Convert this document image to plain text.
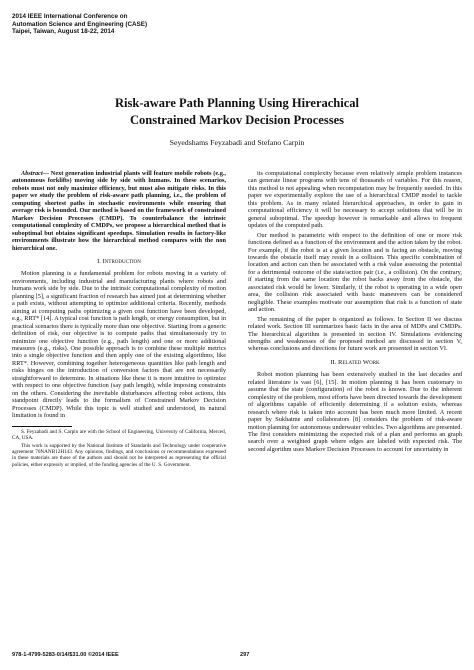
2014 IEEE International Conference on
Automation Science and Engineering (CASE)
Taipei, Taiwan, August 18-22, 2014
Risk-aware Path Planning Using Hirerachical
Constrained Markov Decision Processes
Seyedshams Feyzabadi and Stefano Carpin

Abstract— Next generation industrial plants will feature mobile robots (e.g., autonomous forklifts) moving side by side with humans. In these scenarios, robots must not only maximize efficiency, but must also mitigate risks. In this paper we study the problem of risk-aware path planning, i.e., the problem of computing shortest paths in stochastic environments while ensuring that average risk is bounded. Our method is based on the framework of constrained Markov Decision Processes (CMDP). To counterbalance the intrinsic computational complexity of CMDPs, we propose a hierarchical method that is suboptimal but obtains significant speedups. Simulation results in factory-like environments illustrate how the hierarchical method compares with the non hierarchical one.

I. Introduction

Motion planning is a fundamental problem for robots moving in a variety of environments, including industrial and manufacturing plants where robots and humans work side by side. Due to the intrinsic computational complexity of motion planning [5], a significant fraction of research has aimed just at determining whether a path exists, without attempting to optimize additional criteria. Recently, methods aiming at computing paths optimizing a given cost function have been developed, e.g., RRT* [14]. A typical cost function is path length, or energy consumption, but in practical scenarios there is typically more than one objective. Starting from a generic definition of risk, our objective is to compute paths that simultaneously try to minimize one objective function (e.g., path length) and one or more additional measures (e.g., risks). One possible approach is to combine these multiple metrics into a single objective function and then apply one of the existing algorithms, like RRT*. However, combining together heterogeneous quantities like path length and risks hinges on the introduction of conversion factors that are not necessarily straightforward to determine. In situations like these it is more intuitive to optimize with respect to one objective function (say path length), while imposing constraints on the others. Considering the inevitable disturbances affecting robot actions, this standpoint directly leads to the formalism of Constrained Markov Decision Processes (CMDP). While this topic is well studied and understood, its natural limitation is found in

S. Feyzabadi and S. Carpin are with the School of Engineering, University of California, Merced, CA, USA.

This work is supported by the National Institute of Standards and Technology under cooperative agreement 70NANB12H143. Any opinions, findings, and conclusions or recommendations expressed in these materials are those of the authors and should not be interpreted as representing the official policies, either expressly or implied, of the funding agencies of the U. S. Government.

its computational complexity because even relatively simple problem instances can generate linear programs with tens of thousands of variables. For this reason, this method is not appealing when recomputation may be frequently needed. In this paper we experimentally explore the use of a hierarchical CMDP model to tackle this problem. As in many related hierarchical approaches, in order to gain in computational efficiency it will be necessary to accept solutions that will be in general suboptimal. The speedup however is remarkable and allows to frequent updates of the computed path.

Our method is parametric with respect to the definition of one or more risk functions defined as a function of the environment and the action taken by the robot. For example, if the robot is at a given location and is facing an obstacle, moving towards the obstacle itself may result in a collision. This specific combination of location and action can then be associated with a risk value assessing the potential for a detrimental outcome of the state/action pair (i.e., a collision). On the contrary, if starting from the same location the robot backs away from the obstacle, the associated risk would be lower. Similarly, if the robot is operating in a wide open area, the collision risk associated with basic maneuvers can be considered negligible. These examples motivate our assumption that risk is a function of state and action.

The remaining of the paper is organized as follows. In Section II we discuss related work. Section III summarizes basic facts in the area of MDPs and CMDPs. The hierarchical algorithm is presented in section IV. Simulations evidencing strengths and weaknesses of the proposed method are discussed in section V, whereas conclusions and directions for future work are presented in section VI.

II. Related Work

Robot motion planning has been extensively studied in the last decades and related literature is vast [6], [15]. In motion planning it has been customary to assume that the state (configuration) of the robot is known. Due to the inherent complexity of the problem, most efforts have been directed towards the development of algorithms capable of efficiently determining if a solution exists, whereas research where risk is taken into account has been much more limited. A recent paper by Sukhatme and collaborators [8] considers the problem of risk-aware motion planning for autonomous underwater vehicles. Two algorithms are presented. The first considers minimizing the expected risk of a plan and performs an graph search over a weighted graph where edges are labeled with expected risk. The second algorithm uses Markov Decision Processes to account for uncertainty in

978-1-4799-5283-0/14/$31.00 ©2014 IEEE	297
